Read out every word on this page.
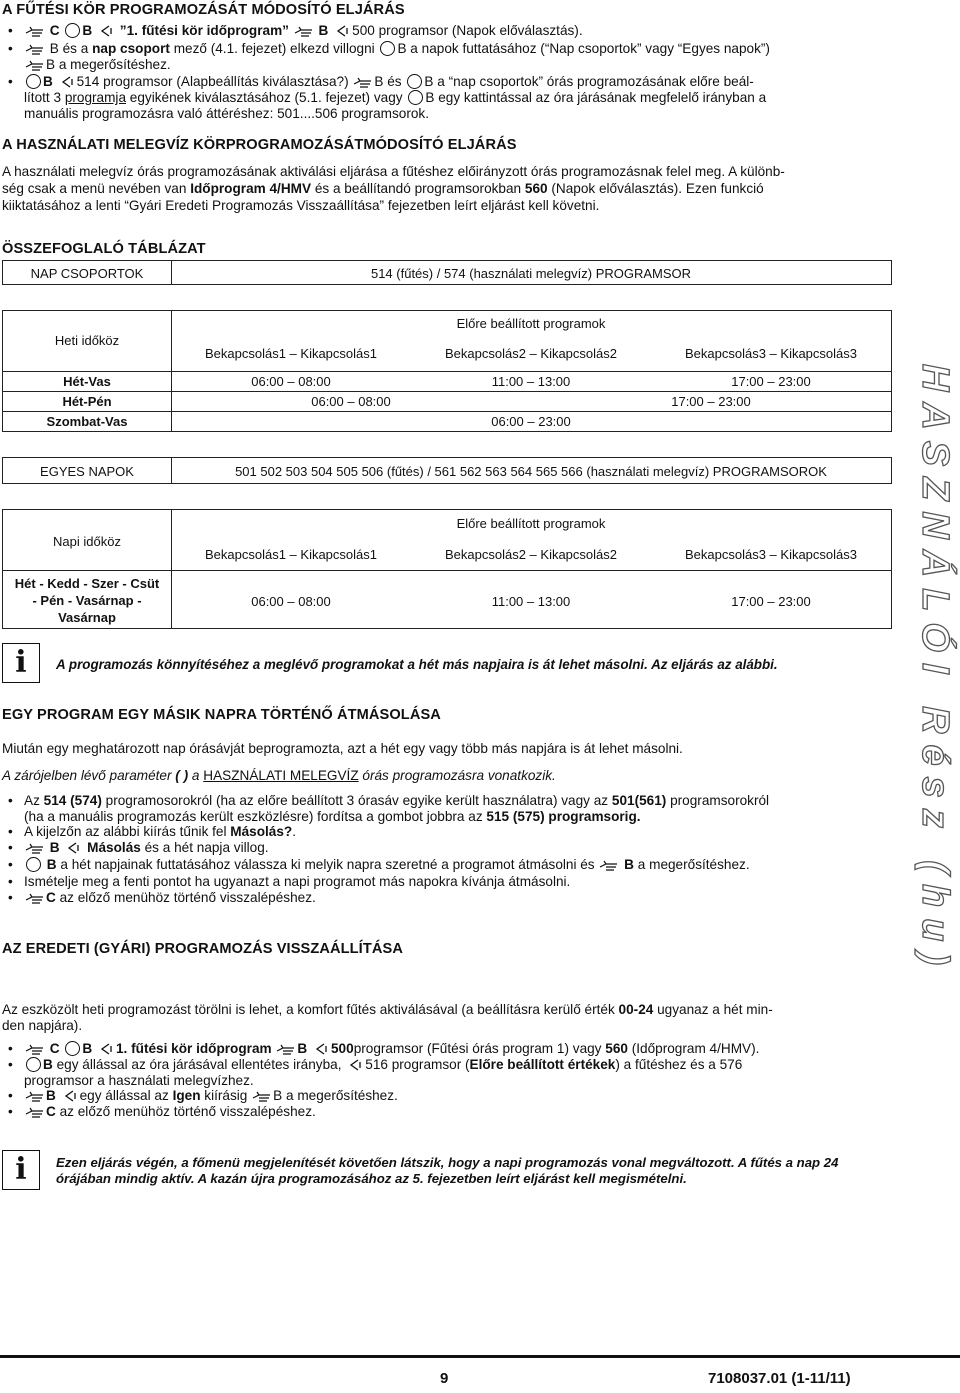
A FŰTÉSI KÖR PROGRAMOZÁSÁT MÓDOSÍTÓ ELJÁRÁS
•	C B ”1. fűtési kör időprogram” B 500 programsor (Napok előválasztás).
•	B és a nap csoport mező (4.1. fejezet) elkezd villogni B a napok futtatásához (“Nap csoportok” vagy “Egyes napok”)
B a megerősítéshez.
•	B 514 programsor (Alapbeállítás kiválasztása?) B és B a “nap csoportok” órás programozásának előre beál-
lított 3 programja egyikének kiválasztásához (5.1. fejezet) vagy B egy kattintással az óra járásának megfelelő irányban a
manuális programozásra való áttéréshez: 501....506 programsorok.
A HASZNÁLATI MELEGVÍZ KÖRPROGRAMOZÁSÁTMÓDOSÍTÓ ELJÁRÁS
A használati melegvíz órás programozásának aktiválási eljárása a fűtéshez előirányzott órás programozásnak felel meg. A különb-
ség csak a menü nevében van Időprogram 4/HMV és a beállítandó programsorokban 560 (Napok előválasztás). Ezen funkció
kiiktatásához a lenti “Gyári Eredeti Programozás Visszaállítása” fejezetben leírt eljárást kell követni.
ÖSSZEFOGLALÓ TÁBLÁZAT
NAP CSOPORTOK	514 (fűtés) / 574 (használati melegvíz) PROGRAMSOR
Heti időköz
Előre beállított programok
Bekapcsolás1 – Kikapcsolás1	Bekapcsolás2 – Kikapcsolás2	Bekapcsolás3 – Kikapcsolás3
Hét-Vas	06:00 – 08:00	11:00 – 13:00	17:00 – 23:00
Hét-Pén	06:00 – 08:00	17:00 – 23:00
Szombat-Vas	06:00 – 23:00
EGYES NAPOK	501 502 503 504 505 506 (fűtés) / 561 562 563 564 565 566 (használati melegvíz) PROGRAMSOROK
Napi időköz
Előre beállított programok
Bekapcsolás1 – Kikapcsolás1	Bekapcsolás2 – Kikapcsolás2	Bekapcsolás3 – Kikapcsolás3
Hét - Kedd - Szer - Csüt
- Pén - Vasárnap -
Vasárnap
06:00 – 08:00	11:00 – 13:00	17:00 – 23:00
i	A programozás könnyítéséhez a meglévő programokat a hét más napjaira is át lehet másolni. Az eljárás az alábbi.
EGY PROGRAM EGY MÁSIK NAPRA TÖRTÉNŐ ÁTMÁSOLÁSA
Miután egy meghatározott nap órásávját beprogramozta, azt a hét egy vagy több más napjára is át lehet másolni.
A zárójelben lévő paraméter ( ) a HASZNÁLATI MELEGVÍZ órás programozásra vonatkozik.
• Az 514 (574) programosorokról (ha az előre beállított 3 órasáv egyike került használatra) vagy az 501(561) programsorokról
(ha a manuális programozás került eszközlésre) fordítsa a gombot jobbra az 515 (575) programsorig.
• A kijelzőn az alábbi kiírás tűnik fel Másolás?.
•	B Másolás és a hét napja villog.
•	B a hét napjainak futtatásához válassza ki melyik napra szeretné a programot átmásolni és B a megerősítéshez.
• Ismételje meg a fenti pontot ha ugyanazt a napi programot más napokra kívánja átmásolni.
•	C az előző menühöz történő visszalépéshez.
AZ EREDETI (GYÁRI) PROGRAMOZÁS VISSZAÁLLÍTÁSA
Az eszközölt heti programozást törölni is lehet, a komfort fűtés aktiválásával (a beállításra kerülő érték 00-24 ugyanaz a hét min-
den napjára).
•	C B 1. fűtési kör időprogram B 500programsor (Fűtési órás program 1) vagy 560 (Időprogram 4/HMV).
•	B egy állással az óra járásával ellentétes irányba, 516 programsor (Előre beállított értékek) a fűtéshez és a 576
programsor a használati melegvízhez.
•	B egy állással az Igen kiírásig B a megerősítéshez.
•	C az előző menühöz történő visszalépéshez.
i	Ezen eljárás végén, a főmenü megjelenítését követően látszik, hogy a napi programozás vonal megváltozott. A fűtés a nap 24
órájában mindig aktív. A kazán újra programozásához az 5. fejezetben leírt eljárást kell megismételni.
HASZNÁLÓI Rész (hu)
9	7108037.01 (1-11/11)
